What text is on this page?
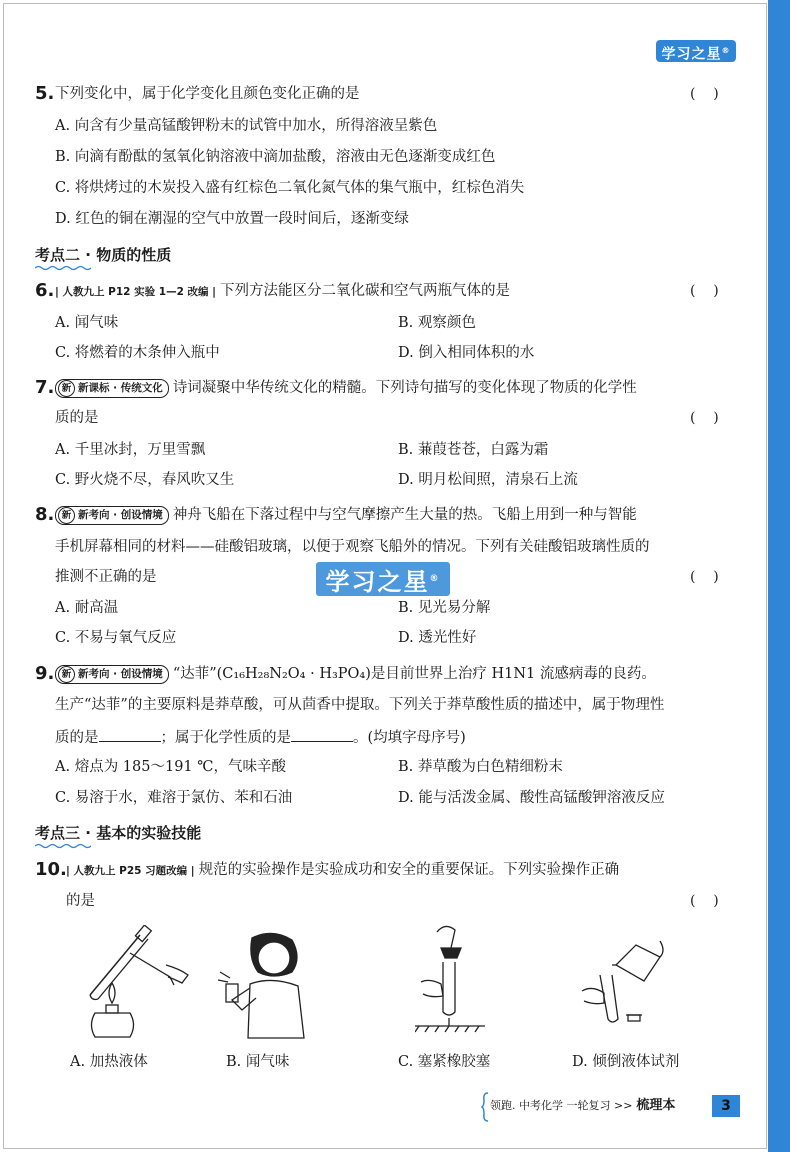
学习之星®
5. 下列变化中，属于化学变化且颜色变化正确的是	(    )
A. 向含有少量高锰酸钾粉末的试管中加水，所得溶液呈紫色
B. 向滴有酚酞的氢氧化钠溶液中滴加盐酸，溶液由无色逐渐变成红色
C. 将烘烤过的木炭投入盛有红棕色二氧化氮气体的集气瓶中，红棕色消失
D. 红色的铜在潮湿的空气中放置一段时间后，逐渐变绿
考点二 · 物质的性质
6. | 人教九上 P12 实验 1—2 改编 | 下列方法能区分二氧化碳和空气两瓶气体的是	(    )
A. 闻气味	B. 观察颜色
C. 将燃着的木条伸入瓶中	D. 倒入相同体积的水
7. 新 新课标 · 传统文化 诗词凝聚中华传统文化的精髓。下列诗句描写的变化体现了物质的化学性
质的是	(    )
A. 千里冰封，万里雪飘	B. 蒹葭苍苍，白露为霜
C. 野火烧不尽，春风吹又生	D. 明月松间照，清泉石上流
8. 新 新考向 · 创设情境 神舟飞船在下落过程中与空气摩擦产生大量的热。飞船上用到一种与智能
手机屏幕相同的材料——硅酸铝玻璃，以便于观察飞船外的情况。下列有关硅酸铝玻璃性质的
推测不正确的是	(    )
学习之星®
A. 耐高温	B. 见光易分解
C. 不易与氧气反应	D. 透光性好
9. 新 新考向 · 创设情境 “达菲”(C₁₆H₂₈N₂O₄ · H₃PO₄)是目前世界上治疗 H1N1 流感病毒的良药。
生产“达菲”的主要原料是莽草酸，可从茴香中提取。下列关于莽草酸性质的描述中，属于物理性
质的是	；属于化学性质的是	。(均填字母序号)
A. 熔点为 185～191 ℃，气味辛酸	B. 莽草酸为白色精细粉末
C. 易溶于水，难溶于氯仿、苯和石油	D. 能与活泼金属、酸性高锰酸钾溶液反应
考点三 · 基本的实验技能
10. | 人教九上 P25 习题改编 | 规范的实验操作是实验成功和安全的重要保证。下列实验操作正确
的是	(    )
A. 加热液体	B. 闻气味	C. 塞紧橡胶塞	D. 倾倒液体试剂
领跑. 中考化学 一轮复习 >> 梳理本	3
